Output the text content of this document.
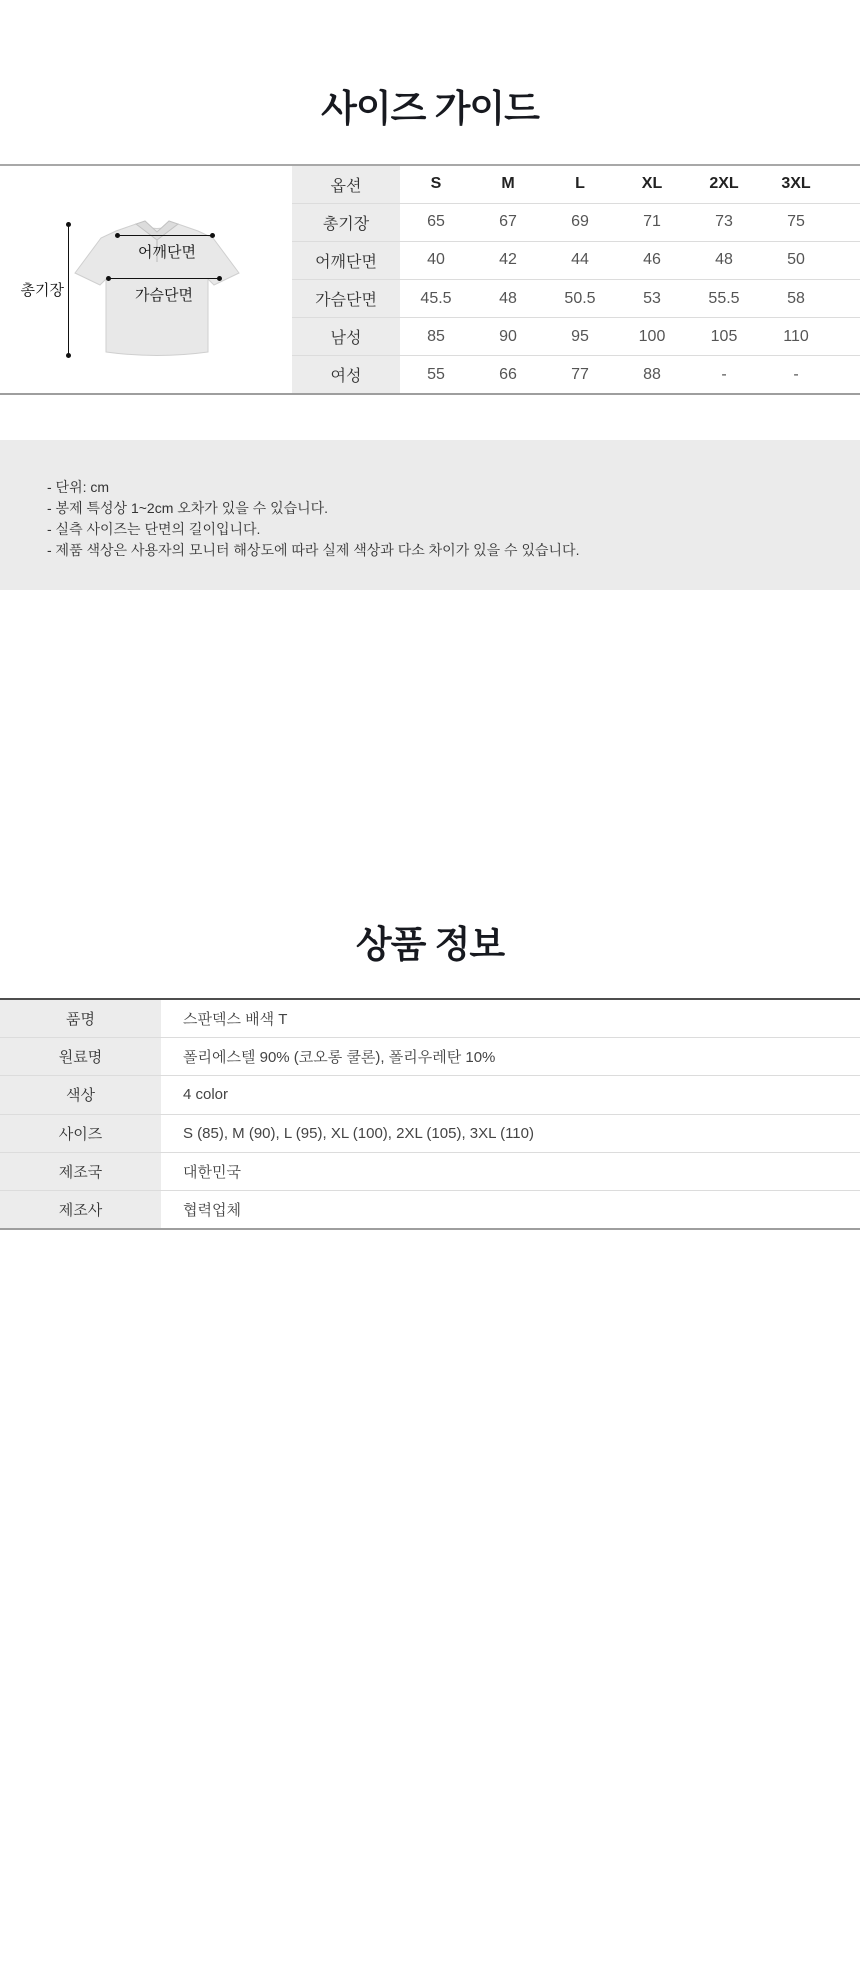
사이즈 가이드
총기장
어깨단면
가슴단면
옵션	S	M	L	XL	2XL	3XL	
총기장	65	67	69	71	73	75	
어깨단면	40	42	44	46	48	50	
가슴단면	45.5	48	50.5	53	55.5	58	
남성	85	90	95	100	105	110	
여성	55	66	77	88	-	-	
- 단위: cm
- 봉제 특성상 1~2cm 오차가 있을 수 있습니다.
- 실측 사이즈는 단면의 길이입니다.
- 제품 색상은 사용자의 모니터 해상도에 따라 실제 색상과 다소 차이가 있을 수 있습니다.
상품 정보
품명	스판덱스 배색 T
원료명	폴리에스텔 90% (코오롱 쿨론), 폴리우레탄 10%
색상	4 color
사이즈	S (85), M (90), L (95), XL (100), 2XL (105), 3XL (110)
제조국	대한민국
제조사	협력업체
